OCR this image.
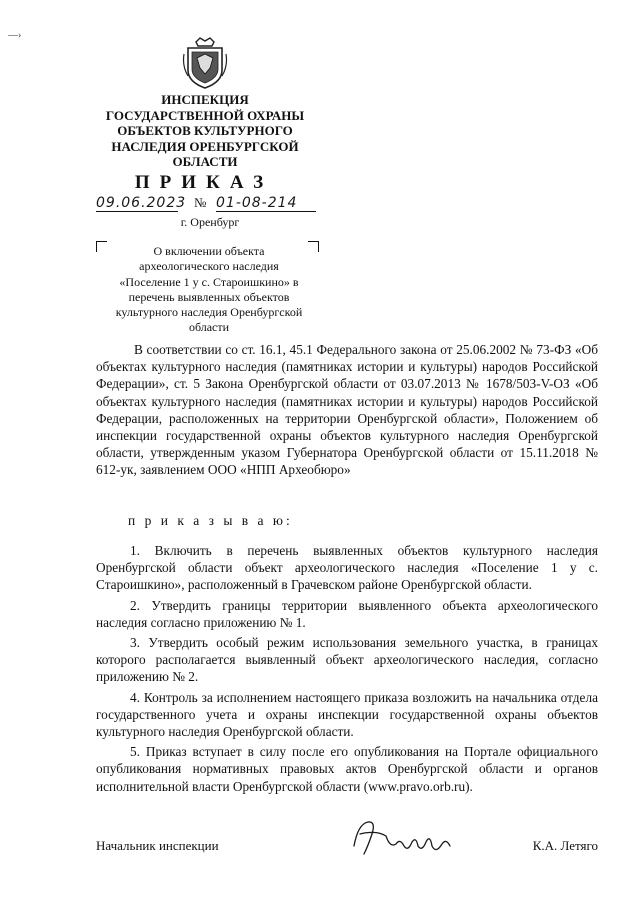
—›
ИНСПЕКЦИЯ
ГОСУДАРСТВЕННОЙ ОХРАНЫ
ОБЪЕКТОВ КУЛЬТУРНОГО
НАСЛЕДИЯ ОРЕНБУРГСКОЙ
ОБЛАСТИ
ПРИКАЗ
09.06.2023 № 01-08-214
г. Оренбург
О включении объекта
археологического наследия
«Поселение 1 у с. Староишкино» в
перечень выявленных объектов
культурного наследия Оренбургской
области
В соответствии со ст. 16.1, 45.1 Федерального закона от 25.06.2002 № 73-ФЗ «Об объектах культурного наследия (памятниках истории и культуры) народов Российской Федерации», ст. 5 Закона Оренбургской области от 03.07.2013 № 1678/503-V-ОЗ «Об объектах культурного наследия (памятниках истории и культуры) народов Российской Федерации, расположенных на территории Оренбургской области», Положением об инспекции государственной охраны объектов культурного наследия Оренбургской области, утвержденным указом Губернатора Оренбургской области от 15.11.2018 № 612-ук, заявлением ООО «НПП Археобюро»
п р и к а з ы в а ю:

1. Включить в перечень выявленных объектов культурного наследия Оренбургской области объект археологического наследия «Поселение 1 у с. Староишкино», расположенный в Грачевском районе Оренбургской области.

2. Утвердить границы территории выявленного объекта археологического наследия согласно приложению № 1.

3. Утвердить особый режим использования земельного участка, в границах которого располагается выявленный объект археологического наследия, согласно приложению № 2.

4. Контроль за исполнением настоящего приказа возложить на начальника отдела государственного учета и охраны инспекции государственной охраны объектов культурного наследия Оренбургской области.

5. Приказ вступает в силу после его опубликования на Портале официального опубликования нормативных правовых актов Оренбургской области и органов исполнительной власти Оренбургской области (www.pravo.orb.ru).

Начальник инспекции	К.А. Летяго
